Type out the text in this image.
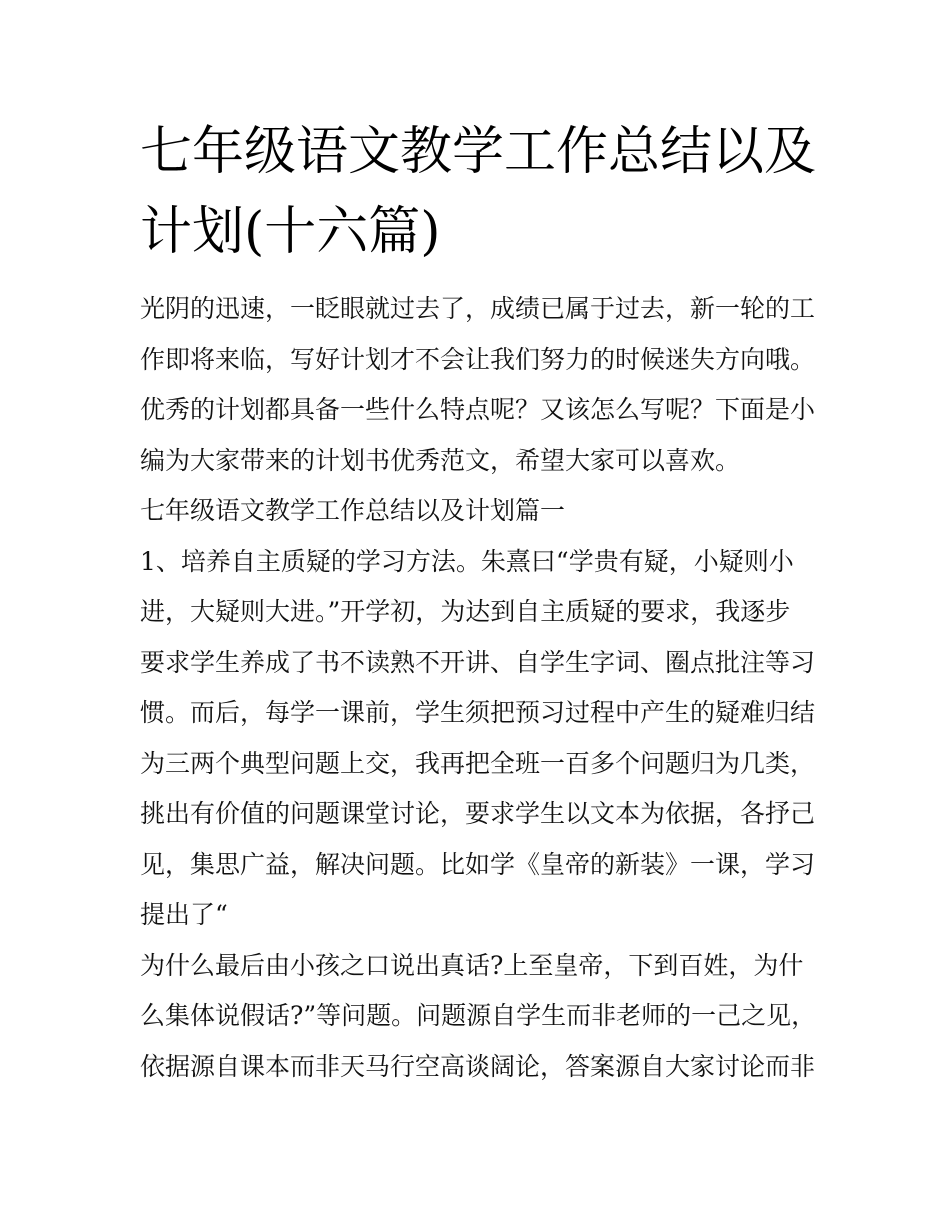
七年级语文教学工作总结以及
计划(十六篇)
光阴的迅速，一眨眼就过去了，成绩已属于过去，新一轮的工
作即将来临，写好计划才不会让我们努力的时候迷失方向哦。
优秀的计划都具备一些什么特点呢？又该怎么写呢？下面是小
编为大家带来的计划书优秀范文，希望大家可以喜欢。
七年级语文教学工作总结以及计划篇一
1、培养自主质疑的学习方法。朱熹曰“学贵有疑，小疑则小
进，大疑则大进。”开学初，为达到自主质疑的要求，我逐步
要求学生养成了书不读熟不开讲、自学生字词、圈点批注等习
惯。而后，每学一课前，学生须把预习过程中产生的疑难归结
为三两个典型问题上交，我再把全班一百多个问题归为几类，
挑出有价值的问题课堂讨论，要求学生以文本为依据，各抒己
见，集思广益，解决问题。比如学《皇帝的新装》一课，学习
提出了“
为什么最后由小孩之口说出真话?上至皇帝，下到百姓，为什
么集体说假话?”等问题。问题源自学生而非老师的一己之见，
依据源自课本而非天马行空高谈阔论，答案源自大家讨论而非
